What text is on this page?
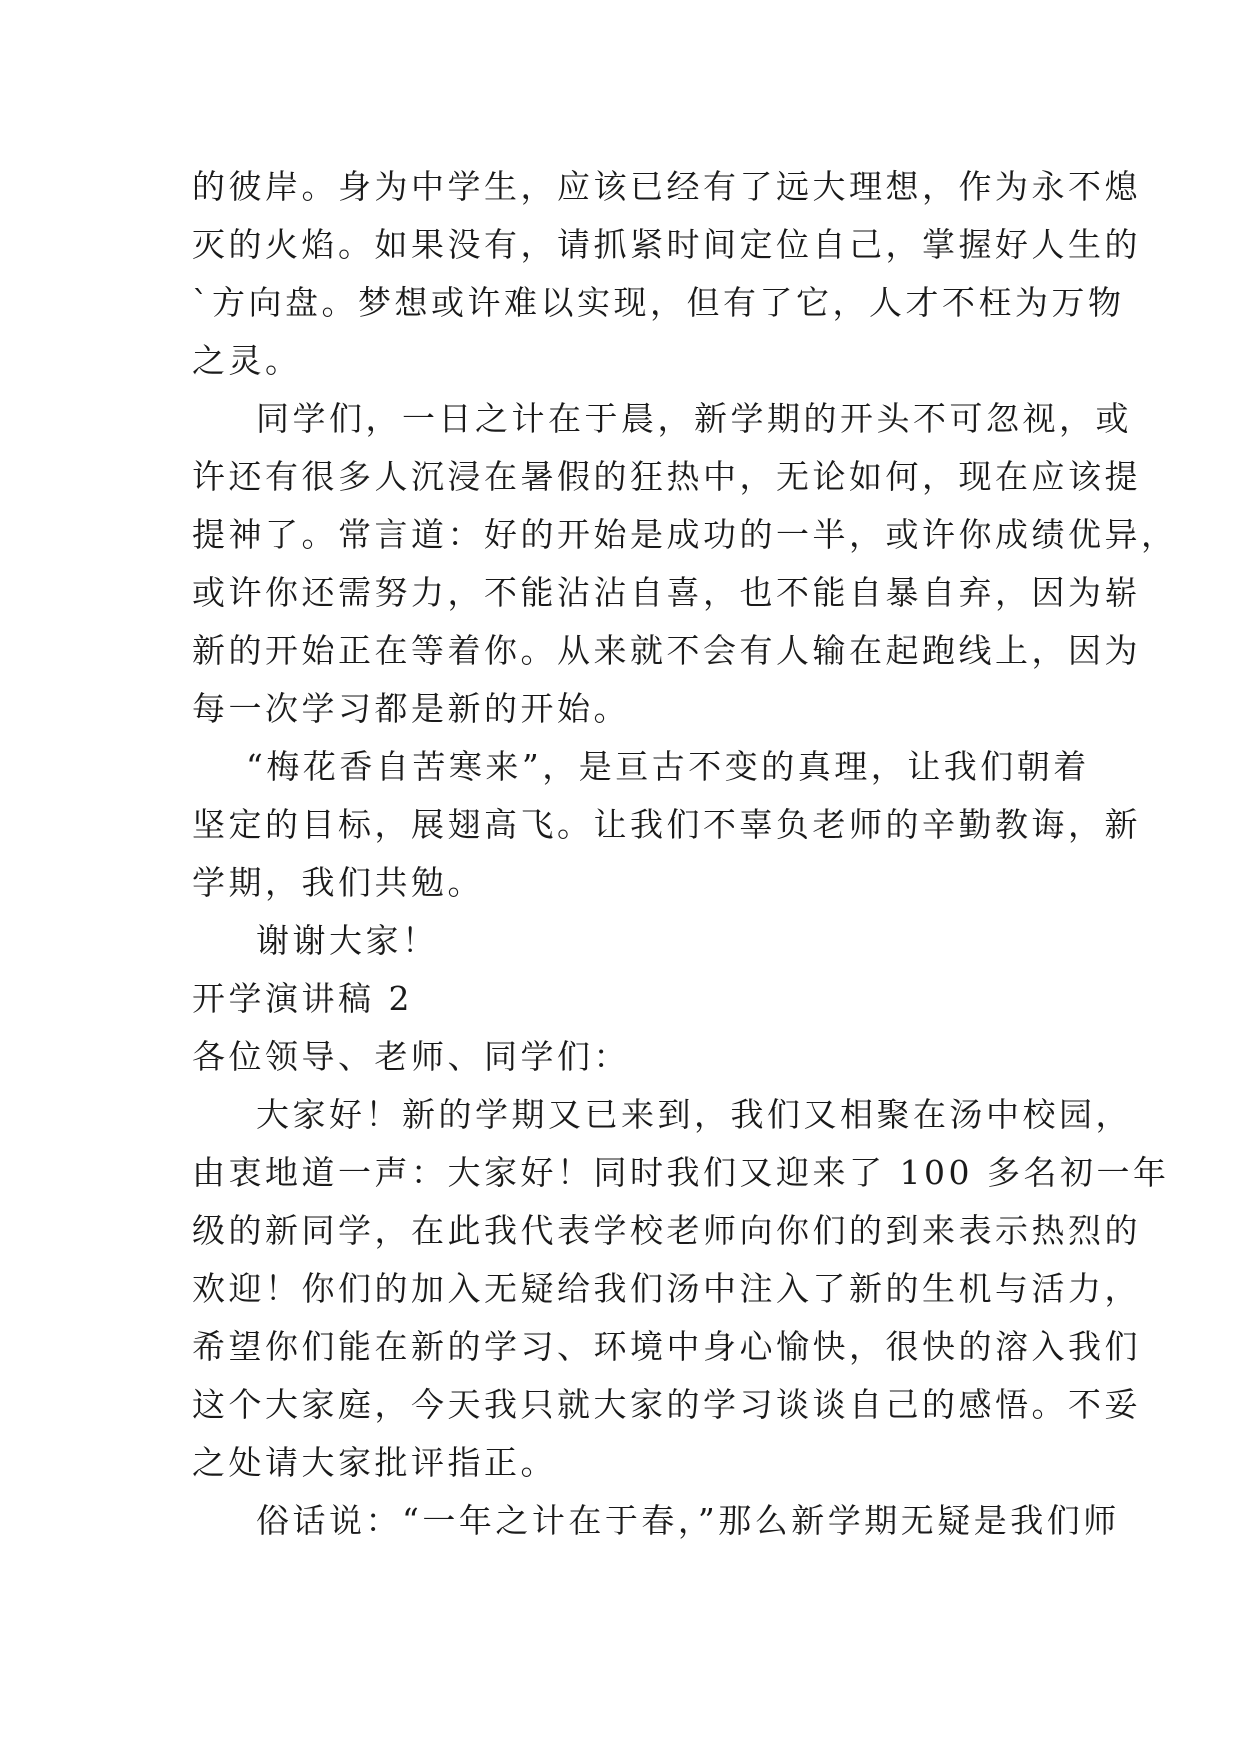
的彼岸。身为中学生，应该已经有了远大理想，作为永不熄
灭的火焰。如果没有，请抓紧时间定位自己，掌握好人生的
`方向盘。梦想或许难以实现，但有了它，人才不枉为万物
之灵。
同学们，一日之计在于晨，新学期的开头不可忽视，或
许还有很多人沉浸在暑假的狂热中，无论如何，现在应该提
提神了。常言道：好的开始是成功的一半，或许你成绩优异，
或许你还需努力，不能沾沾自喜，也不能自暴自弃，因为崭
新的开始正在等着你。从来就不会有人输在起跑线上，因为
每一次学习都是新的开始。
“梅花香自苦寒来”，是亘古不变的真理，让我们朝着
坚定的目标，展翅高飞。让我们不辜负老师的辛勤教诲，新
学期，我们共勉。
谢谢大家！
开学演讲稿 2
各位领导、老师、同学们：
大家好！新的学期又已来到，我们又相聚在汤中校园，
由衷地道一声：大家好！同时我们又迎来了 100 多名初一年
级的新同学，在此我代表学校老师向你们的到来表示热烈的
欢迎！你们的加入无疑给我们汤中注入了新的生机与活力，
希望你们能在新的学习、环境中身心愉快，很快的溶入我们
这个大家庭，今天我只就大家的学习谈谈自己的感悟。不妥
之处请大家批评指正。
俗话说：“一年之计在于春，”那么新学期无疑是我们师
